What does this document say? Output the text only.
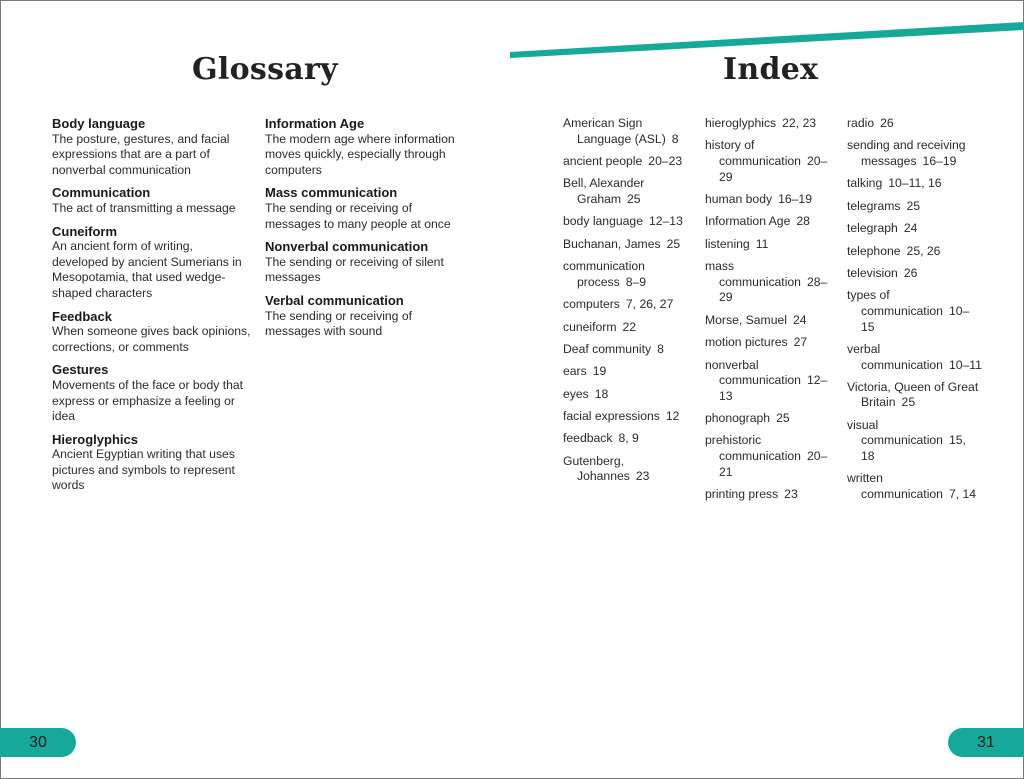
Glossary	Index
Body language
The posture, gestures, and facial expressions that are a part of nonverbal communication
Communication
The act of transmitting a message
Cuneiform
An ancient form of writing, developed by ancient Sumerians in Mesopotamia, that used wedge-shaped characters
Feedback
When someone gives back opinions, corrections, or comments
Gestures
Movements of the face or body that express or emphasize a feeling or idea
Hieroglyphics
Ancient Egyptian writing that uses pictures and symbols to represent words
Information Age
The modern age where information moves quickly, especially through computers
Mass communication
The sending or receiving of messages to many people at once
Nonverbal communication
The sending or receiving of silent messages
Verbal communication
The sending or receiving of messages with sound
American Sign Language (ASL) 8
ancient people 20–23
Bell, Alexander Graham 25
body language 12–13
Buchanan, James 25
communication process 8–9
computers 7, 26, 27
cuneiform 22
Deaf community 8
ears 19
eyes 18
facial expressions 12
feedback 8, 9
Gutenberg, Johannes 23
hieroglyphics 22, 23
history of communication 20–29
human body 16–19
Information Age 28
listening 11
mass communication 28–29
Morse, Samuel 24
motion pictures 27
nonverbal communication 12–13
phonograph 25
prehistoric communication 20–21
printing press 23
radio 26
sending and receiving messages 16–19
talking 10–11, 16
telegrams 25
telegraph 24
telephone 25, 26
television 26
types of communication 10–15
verbal communication 10–11
Victoria, Queen of Great Britain 25
visual communication 15, 18
written communication 7, 14
30	31
